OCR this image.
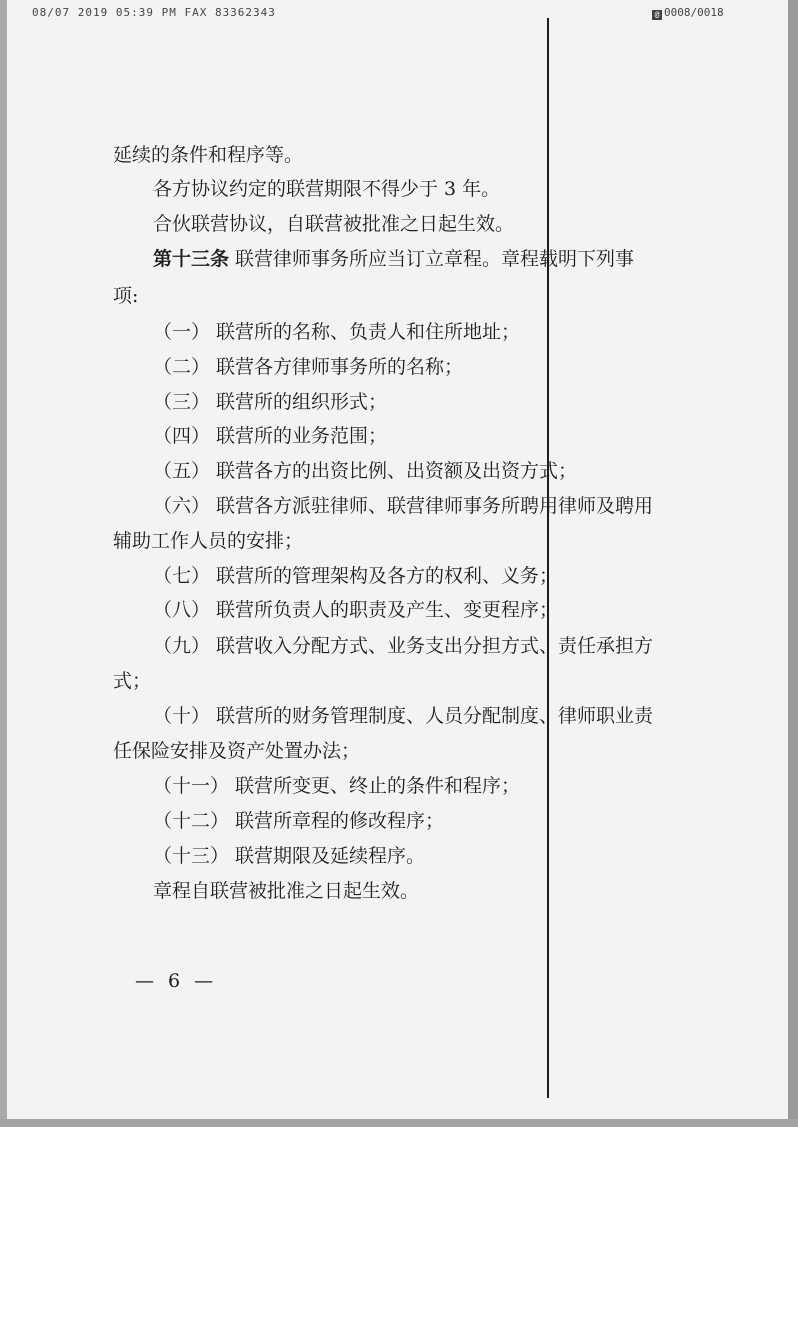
08/07 2019 05:39 PM FAX 83362343	@ 0008/0018

延续的条件和程序等。

各方协议约定的联营期限不得少于 3 年。

合伙联营协议，自联营被批准之日起生效。

第十三条 联营律师事务所应当订立章程。章程载明下列事

项:

（一） 联营所的名称、负责人和住所地址；

（二） 联营各方律师事务所的名称；

（三） 联营所的组织形式；

（四） 联营所的业务范围；

（五） 联营各方的出资比例、出资额及出资方式；

（六） 联营各方派驻律师、联营律师事务所聘用律师及聘用

辅助工作人员的安排；

（七） 联营所的管理架构及各方的权利、义务；

（八） 联营所负责人的职责及产生、变更程序；

（九） 联营收入分配方式、业务支出分担方式、责任承担方

式；

（十） 联营所的财务管理制度、人员分配制度、律师职业责

任保险安排及资产处置办法；

（十一） 联营所变更、终止的条件和程序；

（十二） 联营所章程的修改程序；

（十三） 联营期限及延续程序。

章程自联营被批准之日起生效。

— 6 —
